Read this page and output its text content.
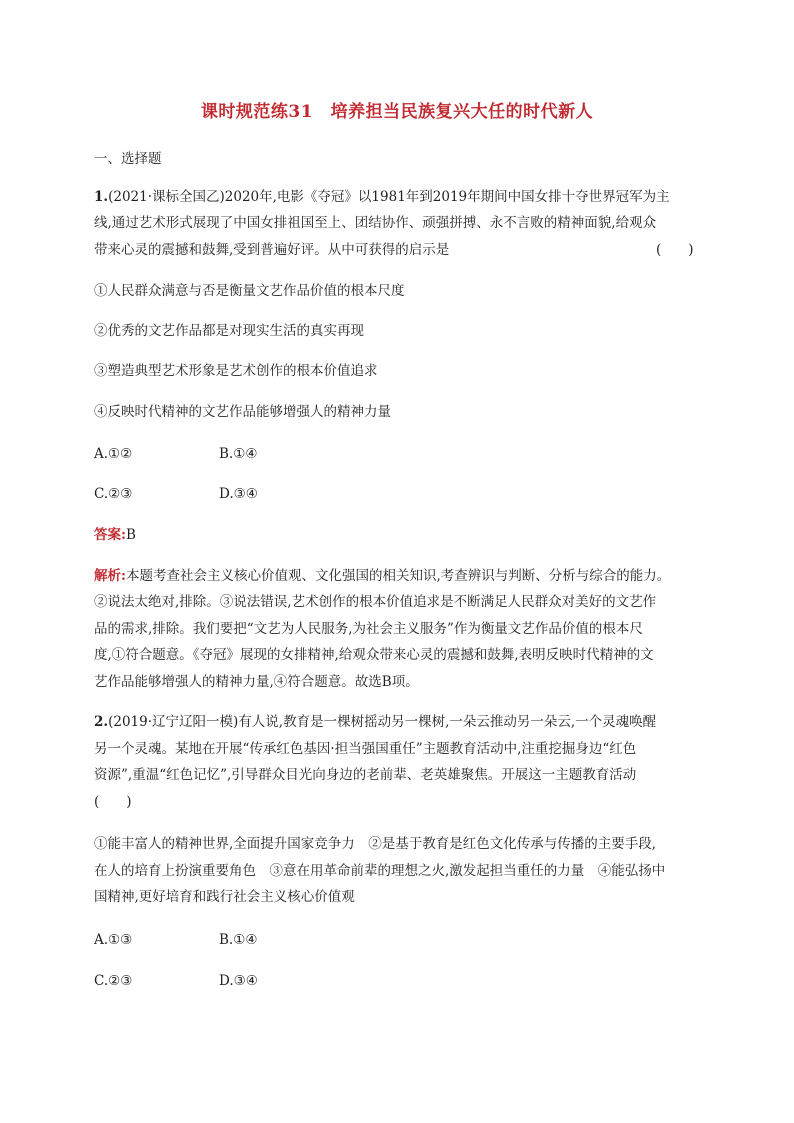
课时规范练31　培养担当民族复兴大任的时代新人
一、选择题
1.(2021·课标全国乙)2020年,电影《夺冠》以1981年到2019年期间中国女排十夺世界冠军为主
线,通过艺术形式展现了中国女排祖国至上、团结协作、顽强拼搏、永不言败的精神面貌,给观众
带来心灵的震撼和鼓舞,受到普遍好评。从中可获得的启示是	(　　)
①人民群众满意与否是衡量文艺作品价值的根本尺度
②优秀的文艺作品都是对现实生活的真实再现
③塑造典型艺术形象是艺术创作的根本价值追求
④反映时代精神的文艺作品能够增强人的精神力量
A.①②	B.①④
C.②③	D.③④
答案:B
解析:本题考查社会主义核心价值观、文化强国的相关知识,考查辨识与判断、分析与综合的能力。
②说法太绝对,排除。③说法错误,艺术创作的根本价值追求是不断满足人民群众对美好的文艺作
品的需求,排除。我们要把“文艺为人民服务,为社会主义服务”作为衡量文艺作品价值的根本尺
度,①符合题意。《夺冠》展现的女排精神,给观众带来心灵的震撼和鼓舞,表明反映时代精神的文
艺作品能够增强人的精神力量,④符合题意。故选B项。
2.(2019·辽宁辽阳一模)有人说,教育是一棵树摇动另一棵树,一朵云推动另一朵云,一个灵魂唤醒
另一个灵魂。某地在开展“传承红色基因·担当强国重任”主题教育活动中,注重挖掘身边“红色
资源”,重温“红色记忆”,引导群众目光向身边的老前辈、老英雄聚焦。开展这一主题教育活动
(　　)
①能丰富人的精神世界,全面提升国家竞争力　②是基于教育是红色文化传承与传播的主要手段,
在人的培育上扮演重要角色　③意在用革命前辈的理想之火,激发起担当重任的力量　④能弘扬中
国精神,更好培育和践行社会主义核心价值观
A.①③	B.①④
C.②③	D.③④
